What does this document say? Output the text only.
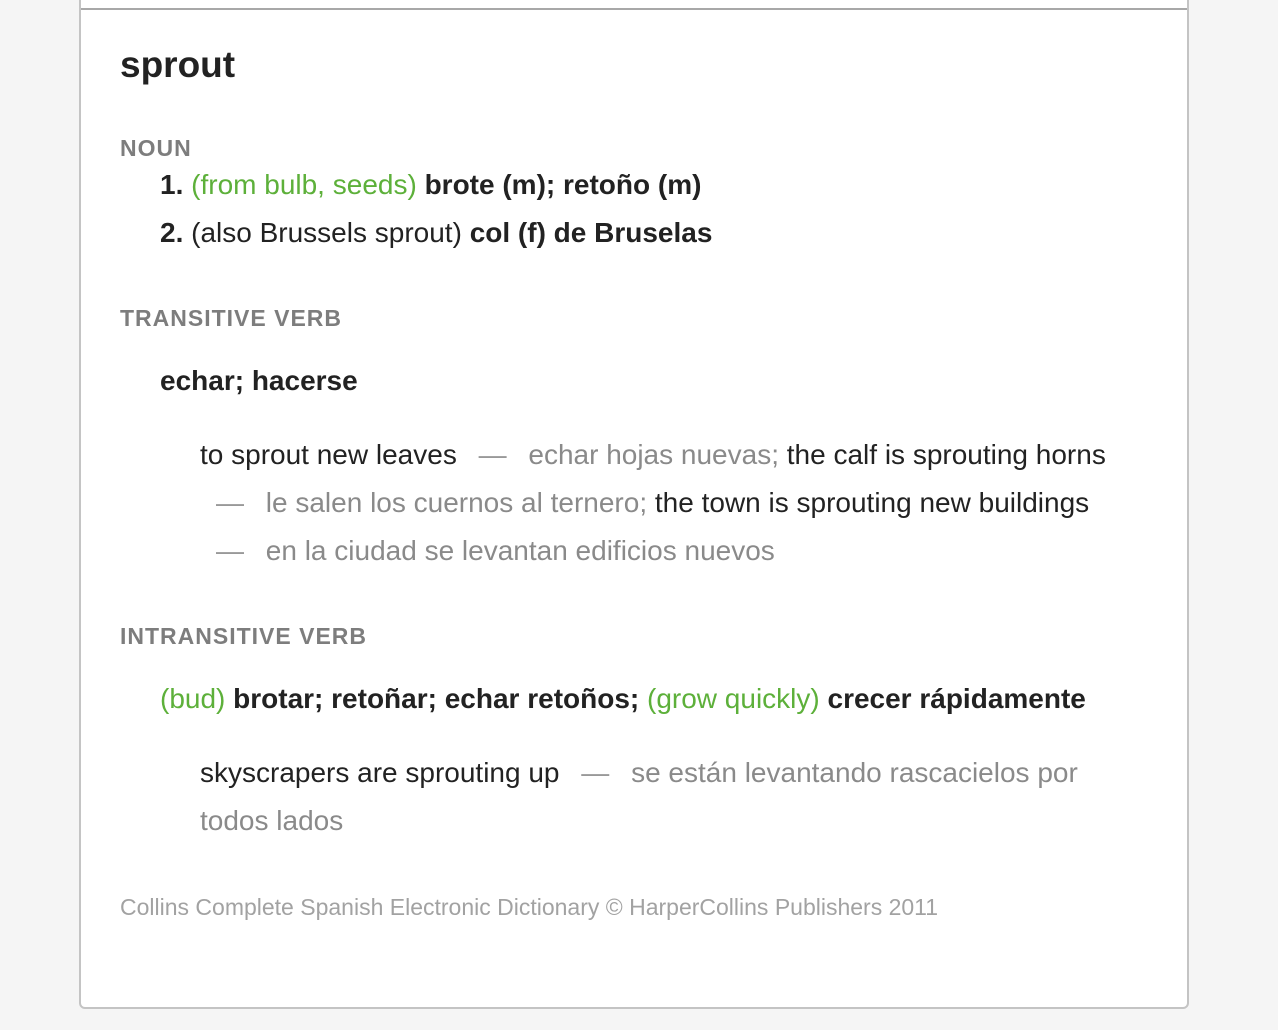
sprout
NOUN
1. (from bulb, seeds) brote (m); retoño (m)
2. (also Brussels sprout) col (f) de Bruselas
TRANSITIVE VERB
echar; hacerse
to sprout new leaves — echar hojas nuevas; the calf is sprouting horns
— le salen los cuernos al ternero; the town is sprouting new buildings
— en la ciudad se levantan edificios nuevos
INTRANSITIVE VERB
(bud) brotar; retoñar; echar retoños; (grow quickly) crecer rápidamente
skyscrapers are sprouting up — se están levantando rascacielos por
todos lados
Collins Complete Spanish Electronic Dictionary © HarperCollins Publishers 2011
